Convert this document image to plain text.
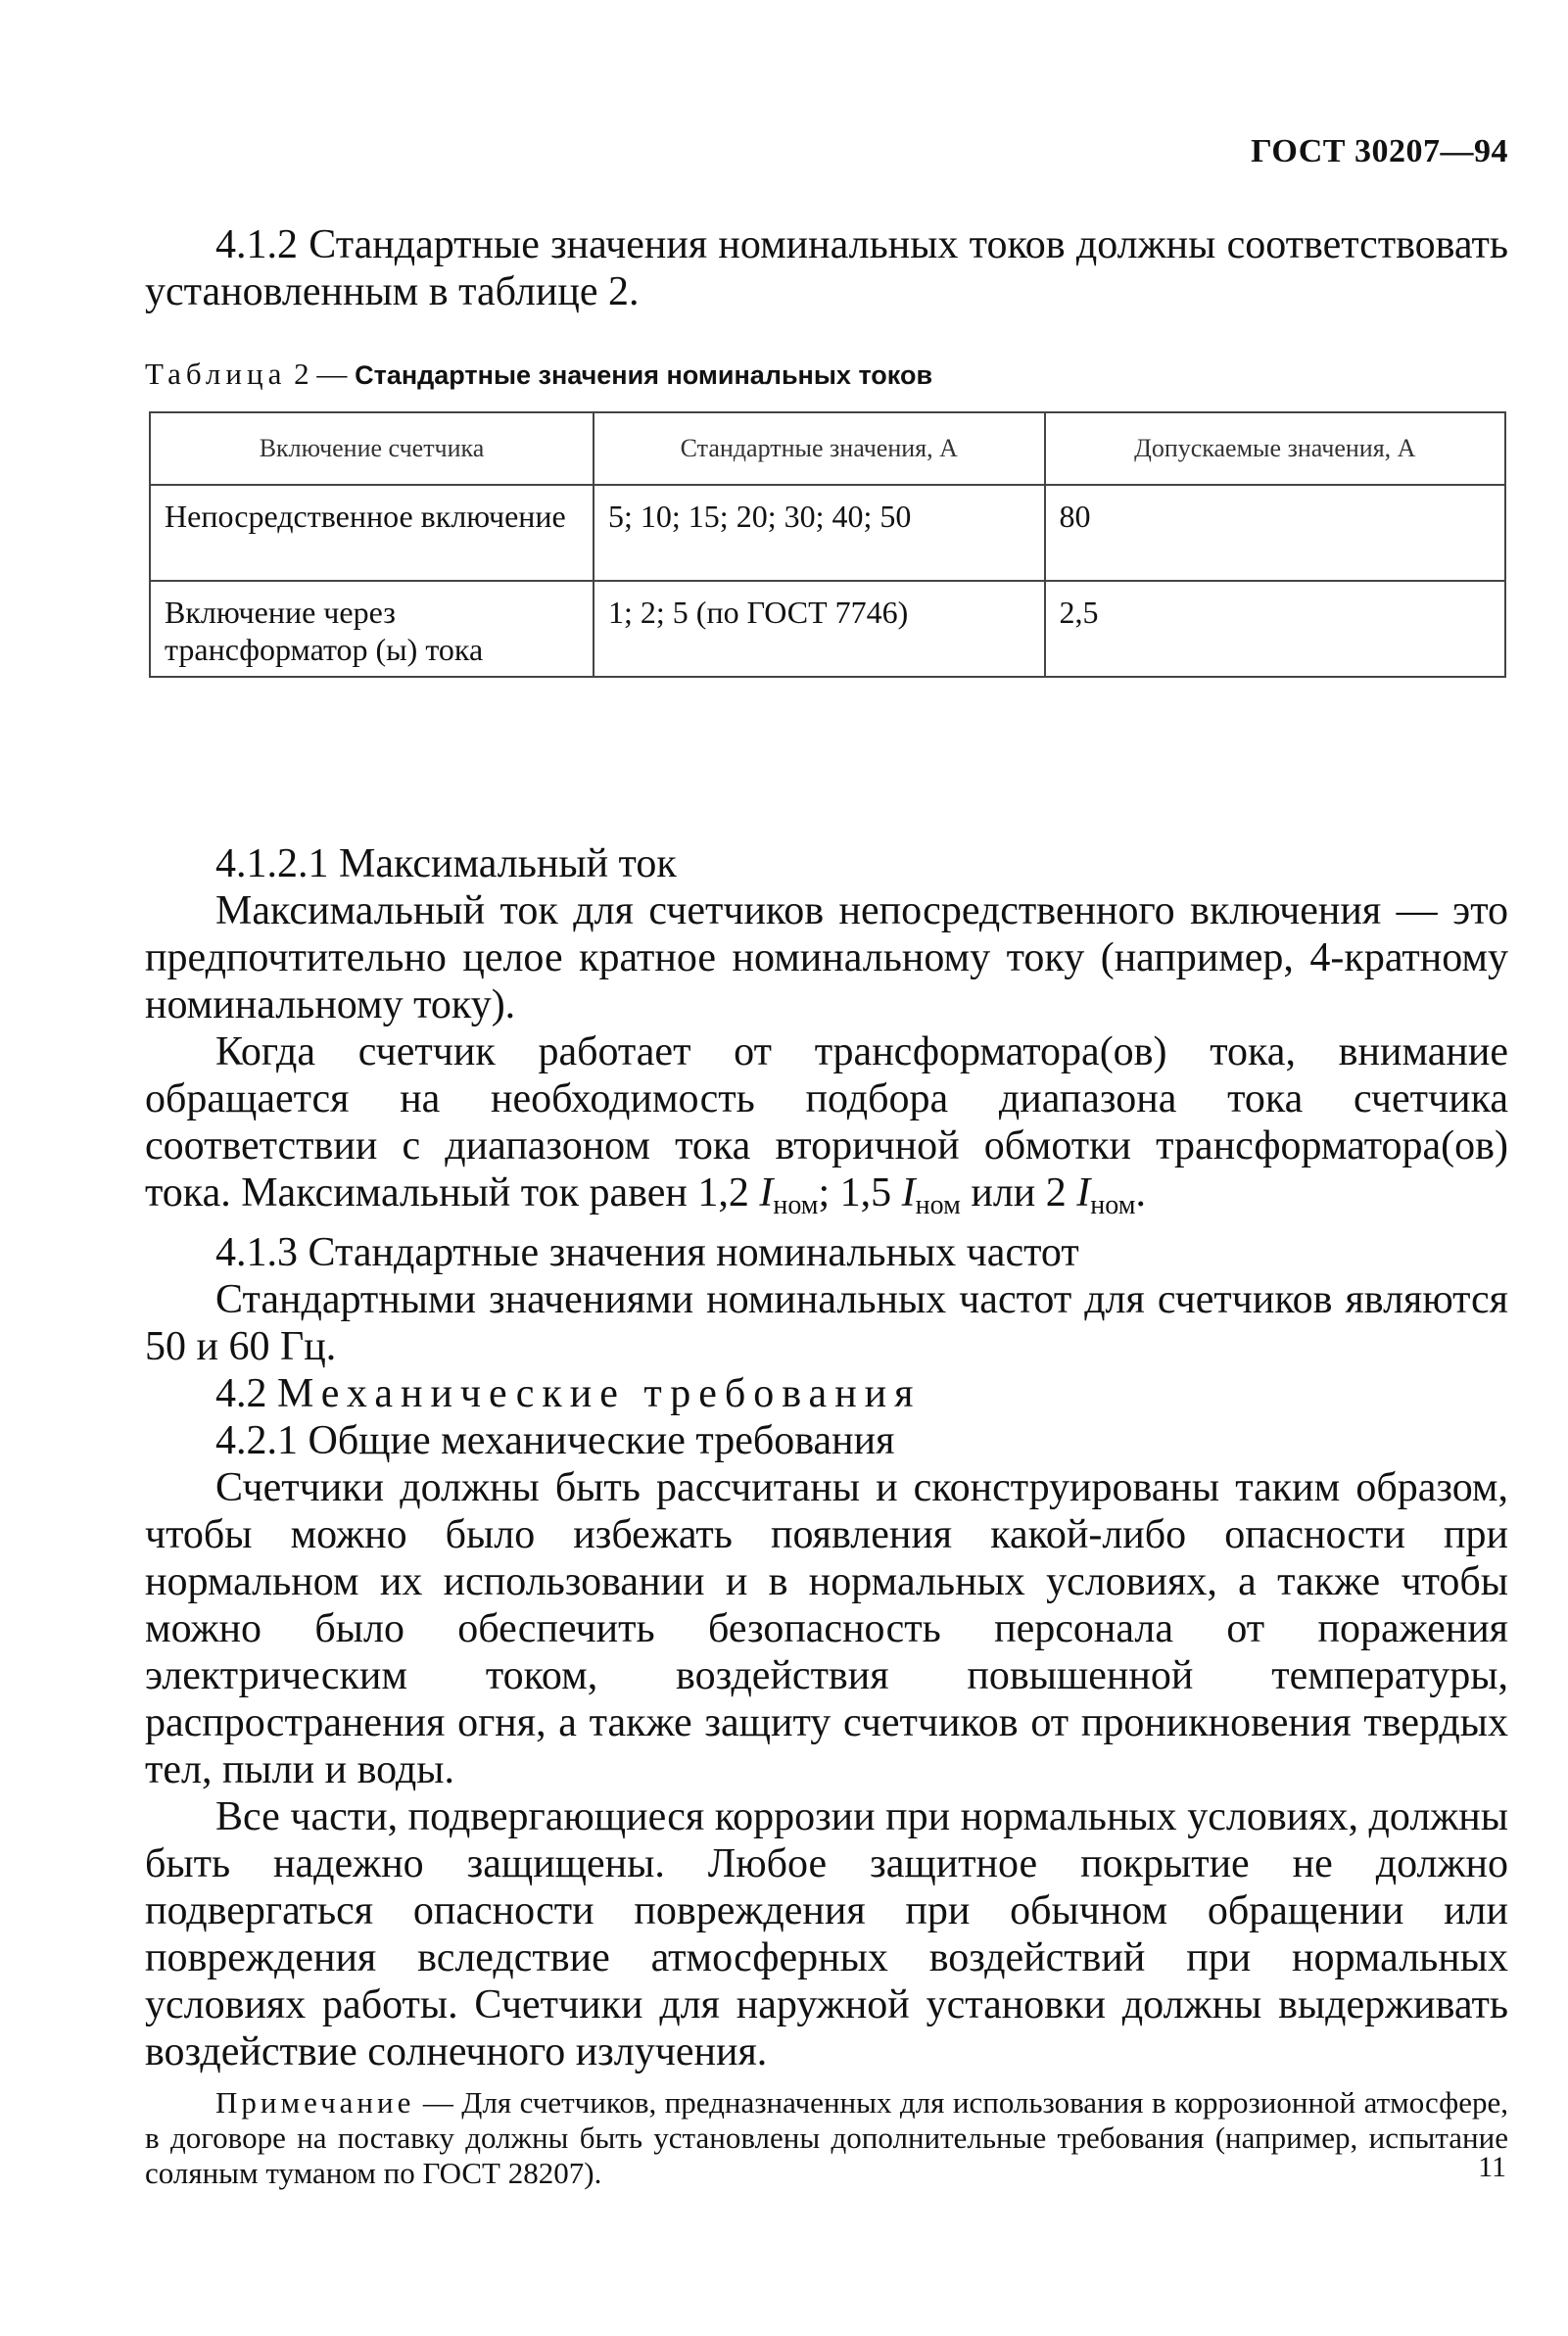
ГОСТ 30207—94

4.1.2 Стандартные значения номинальных токов должны соответствовать установленным в таблице 2.

Таблица 2 — Стандартные значения номинальных токов
Включение счетчика	Стандартные значения, А	Допускаемые значения, А
Непосредственное включение	5; 10; 15; 20; 30; 40; 50	80
Включение через трансформатор (ы) тока	1; 2; 5 (по ГОСТ 7746)	2,5

4.1.2.1 Максимальный ток

Максимальный ток для счетчиков непосредственного включения — это предпочтительно целое кратное номинальному току (например, 4-кратному номинальному току).

Когда счетчик работает от трансформатора(ов) тока, внимание обращается на необходимость подбора диапазона тока счетчика соответствии с диапазоном тока вторичной обмотки трансформатора(ов) тока. Максимальный ток равен 1,2 $I_{ном}$; 1,5 $I_{ном}$ или 2 $I_{ном}$.

4.1.3 Стандартные значения номинальных частот

Стандартными значениями номинальных частот для счетчиков являются 50 и 60 Гц.

4.2 Механические требования

4.2.1 Общие механические требования

Счетчики должны быть рассчитаны и сконструированы таким образом, чтобы можно было избежать появления какой-либо опасности при нормальном их использовании и в нормальных условиях, а также чтобы можно было обеспечить безопасность персонала от поражения электрическим током, воздействия повышенной температуры, распространения огня, а также защиту счетчиков от проникновения твердых тел, пыли и воды.

Все части, подвергающиеся коррозии при нормальных условиях, должны быть надежно защищены. Любое защитное покрытие не должно подвергаться опасности повреждения при обычном обращении или повреждения вследствие атмосферных воздействий при нормальных условиях работы. Счетчики для наружной установки должны выдерживать воздействие солнечного излучения.

Примечание — Для счетчиков, предназначенных для использования в коррозионной атмосфере, в договоре на поставку должны быть установлены дополнительные требования (например, испытание соляным туманом по ГОСТ 28207).	11
